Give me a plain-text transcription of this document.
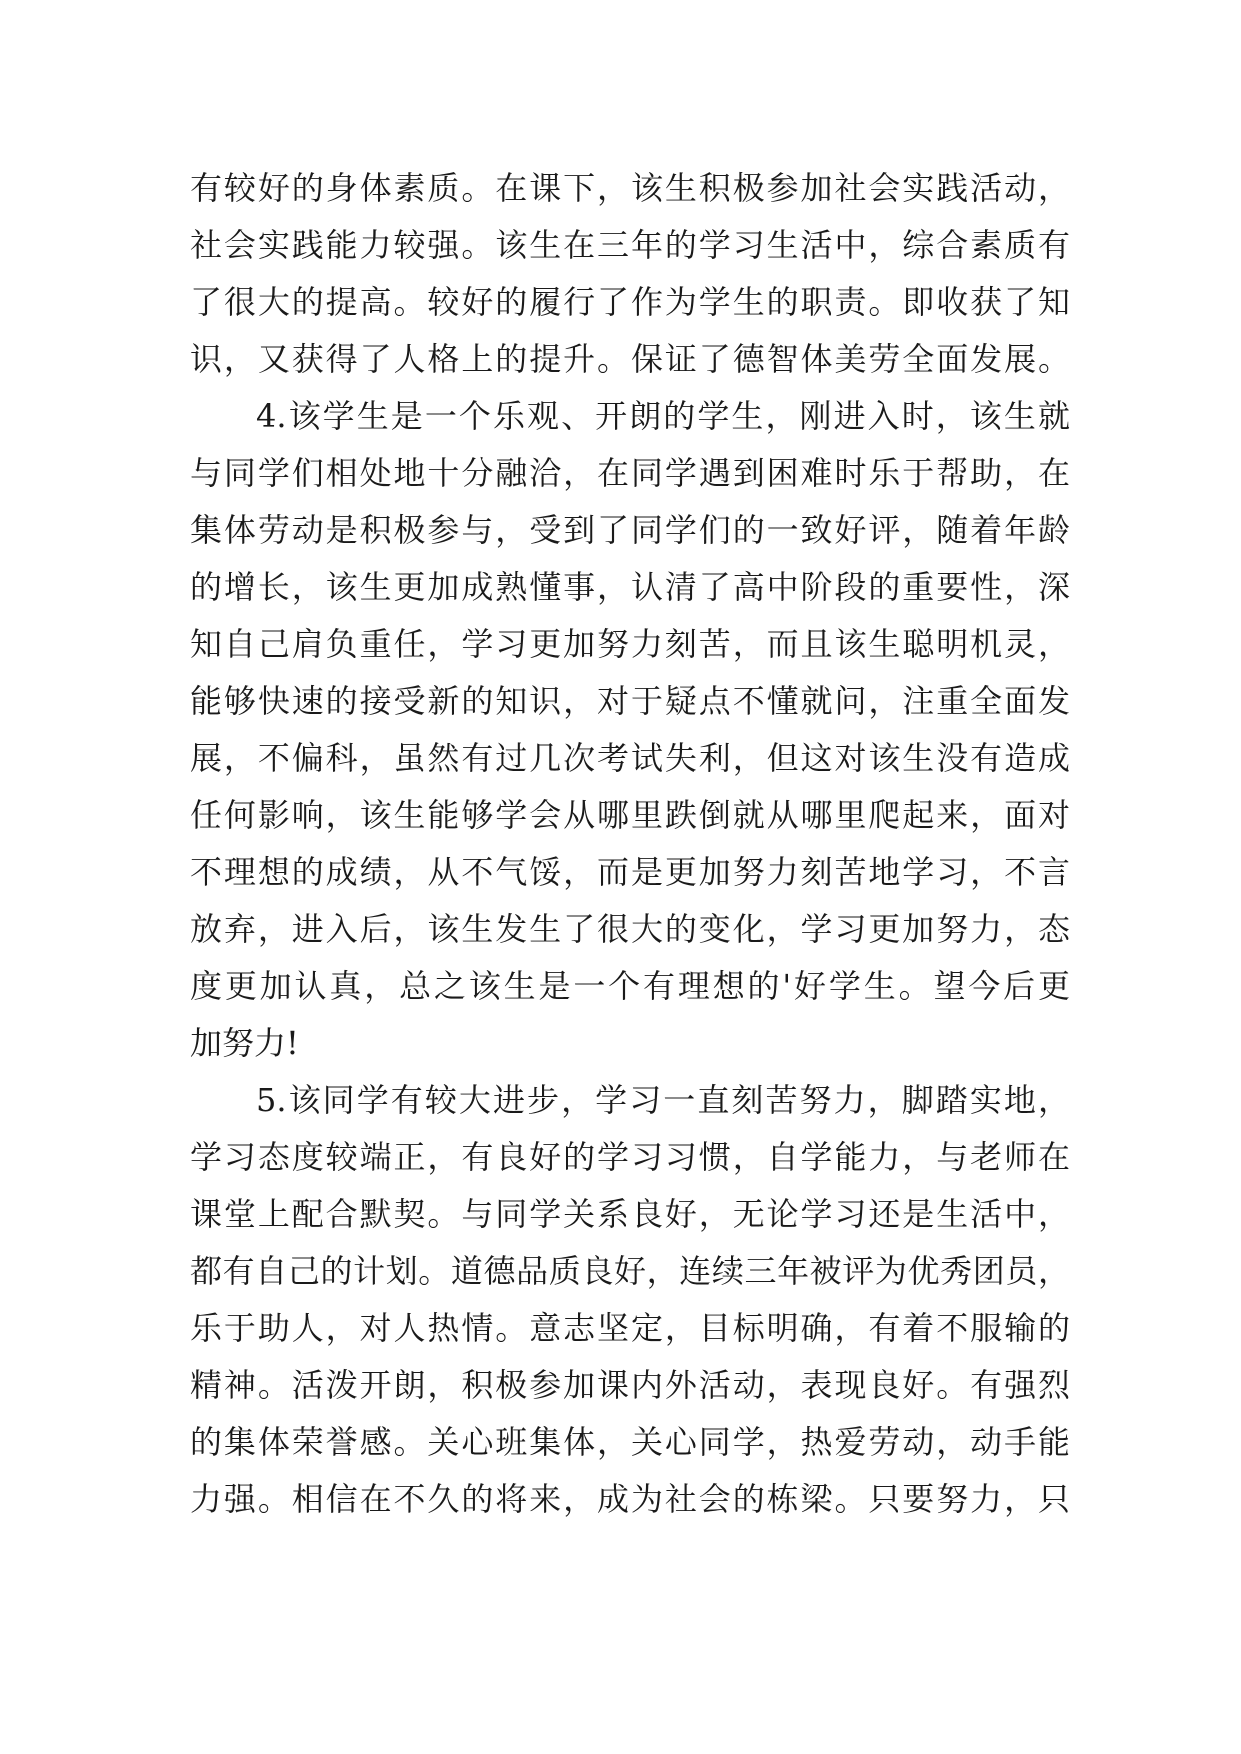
有较好的身体素质。在课下，该生积极参加社会实践活动，
社会实践能力较强。该生在三年的学习生活中，综合素质有
了很大的提高。较好的履行了作为学生的职责。即收获了知
识，又获得了人格上的提升。保证了德智体美劳全面发展。
4.该学生是一个乐观、开朗的学生，刚进入时，该生就
与同学们相处地十分融洽，在同学遇到困难时乐于帮助，在
集体劳动是积极参与，受到了同学们的一致好评，随着年龄
的增长，该生更加成熟懂事，认清了高中阶段的重要性，深
知自己肩负重任，学习更加努力刻苦，而且该生聪明机灵，
能够快速的接受新的知识，对于疑点不懂就问，注重全面发
展，不偏科，虽然有过几次考试失利，但这对该生没有造成
任何影响，该生能够学会从哪里跌倒就从哪里爬起来，面对
不理想的成绩，从不气馁，而是更加努力刻苦地学习，不言
放弃，进入后，该生发生了很大的变化，学习更加努力，态
度更加认真，总之该生是一个有理想的'好学生。望今后更
加努力!
5.该同学有较大进步，学习一直刻苦努力，脚踏实地，
学习态度较端正，有良好的学习习惯，自学能力，与老师在
课堂上配合默契。与同学关系良好，无论学习还是生活中，
都有自己的计划。道德品质良好，连续三年被评为优秀团员，
乐于助人，对人热情。意志坚定，目标明确，有着不服输的
精神。活泼开朗，积极参加课内外活动，表现良好。有强烈
的集体荣誉感。关心班集体，关心同学，热爱劳动，动手能
力强。相信在不久的将来，成为社会的栋梁。只要努力，只
